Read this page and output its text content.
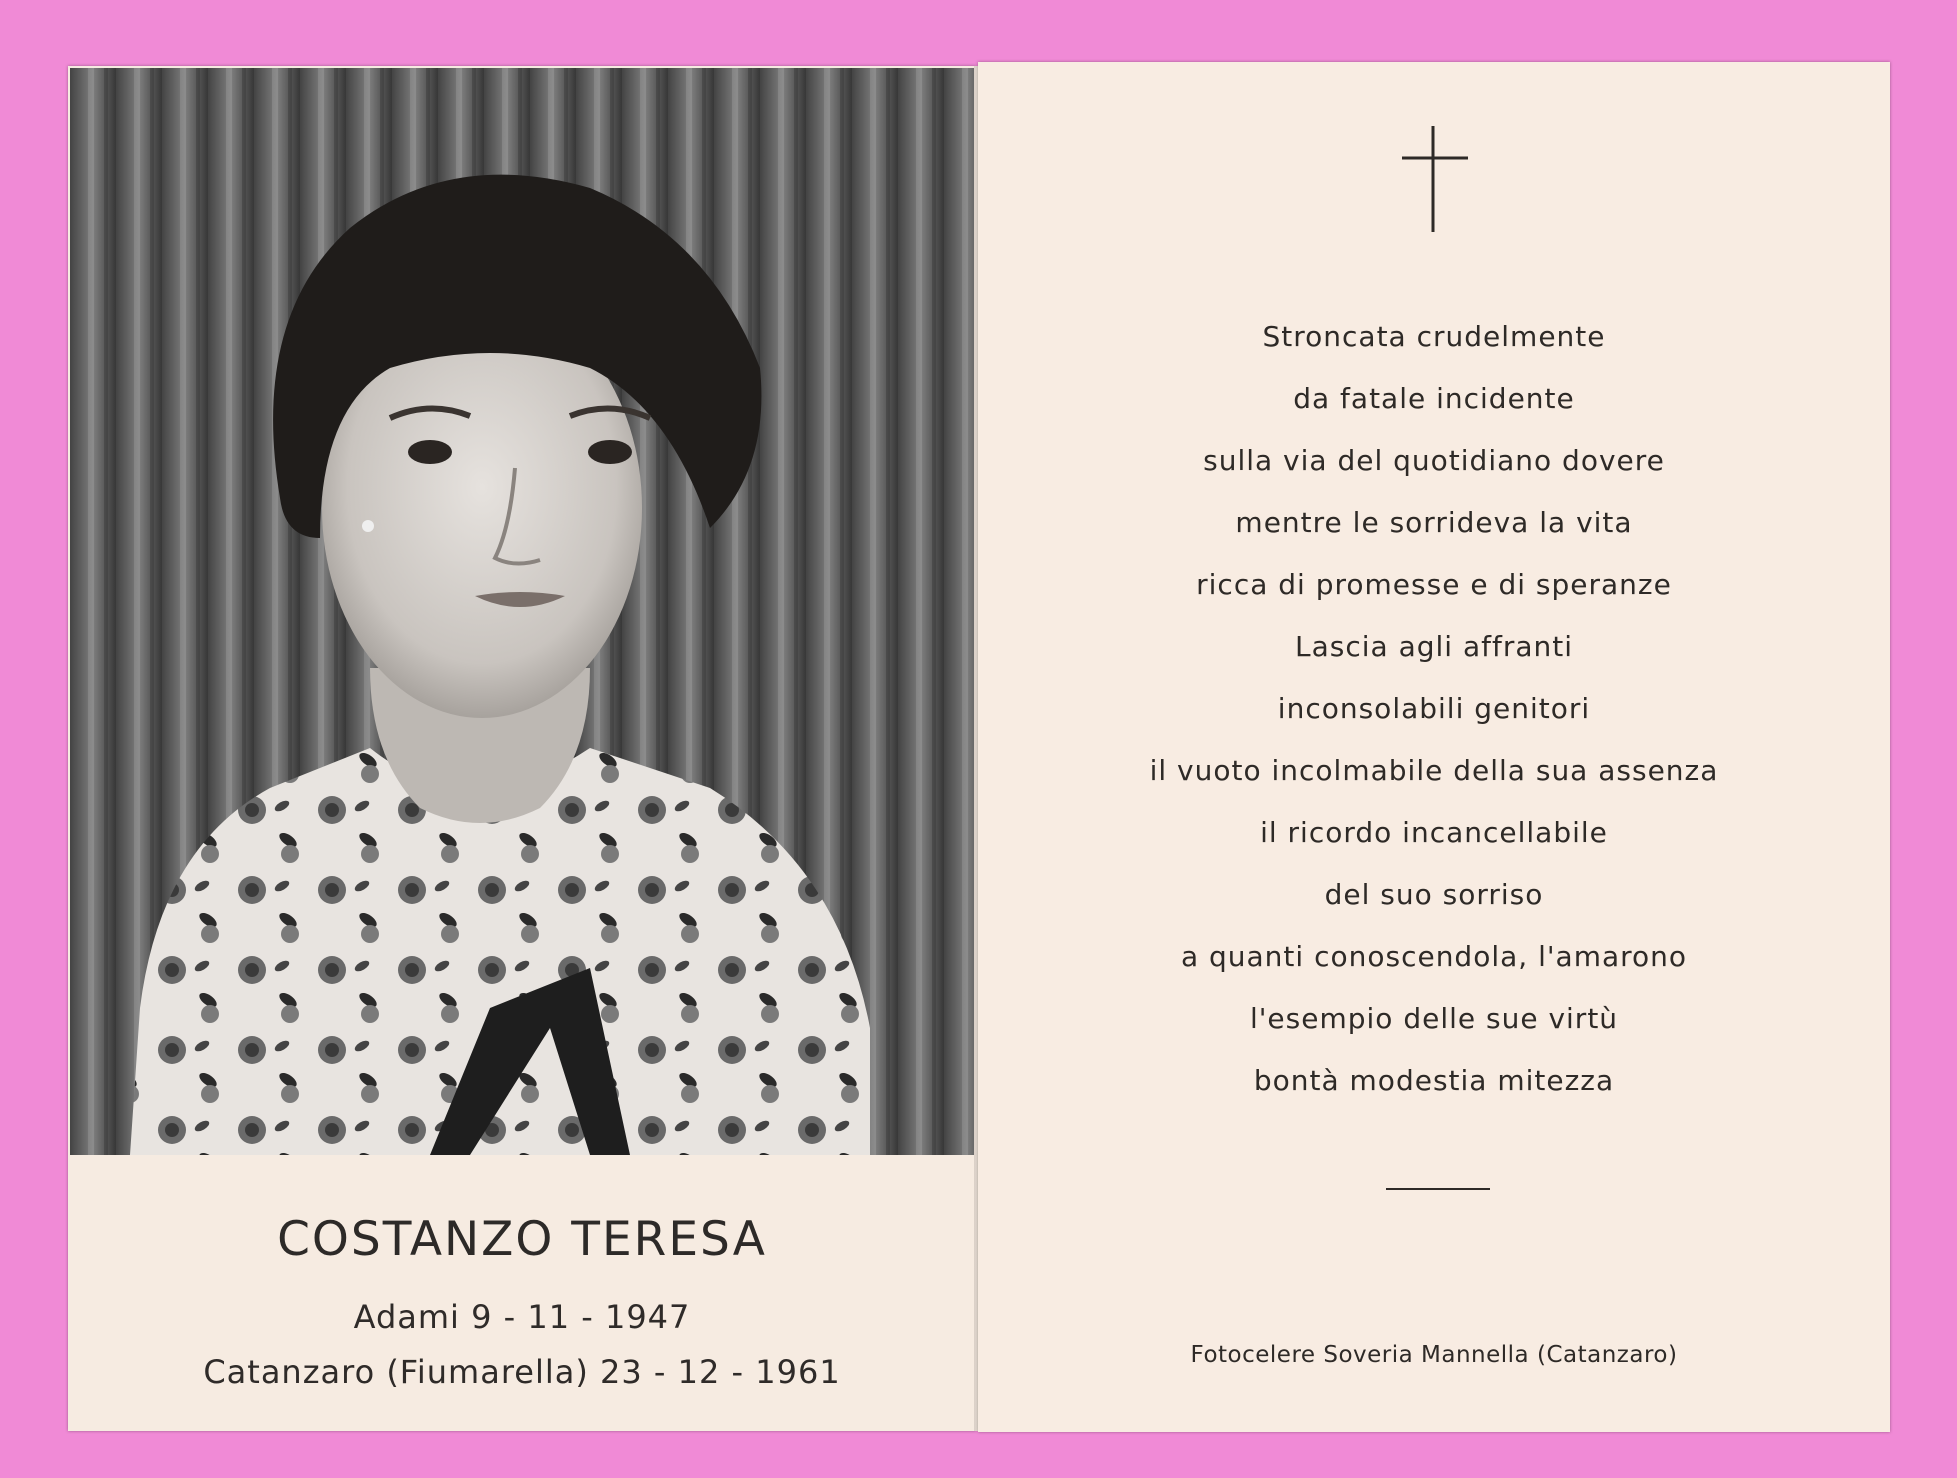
COSTANZO TERESA
Adami 9 - 11 - 1947
Catanzaro (Fiumarella) 23 - 12 - 1961
Stroncata crudelmente
da fatale incidente
sulla via del quotidiano dovere
mentre le sorrideva la vita
ricca di promesse e di speranze
Lascia agli affranti
inconsolabili genitori
il vuoto incolmabile della sua assenza
il ricordo incancellabile
del suo sorriso
a quanti conoscendola, l'amarono
l'esempio delle sue virtù
bontà modestia mitezza
Fotocelere Soveria Mannella (Catanzaro)
